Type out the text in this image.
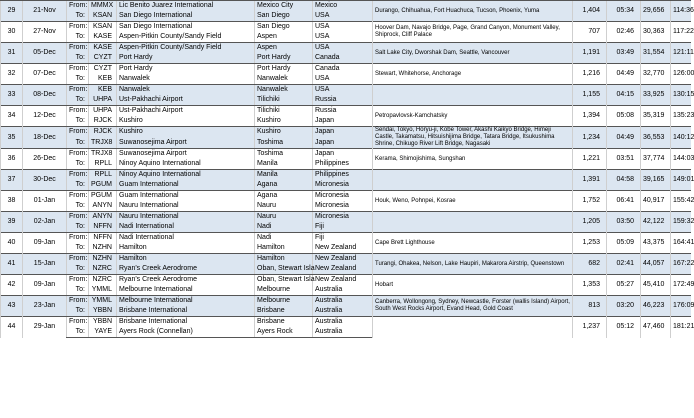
29	21-Nov	From:	MMMX	Lic Benito Juarez International	Mexico City	Mexico	Durango, Chihuahua, Fort Huachuca, Tucson, Phoenix, Yuma	1,404	05:34	29,656	114:36
		To:	KSAN	San Diego International	San Diego	USA					
30	27-Nov	From:	KSAN	San Diego International	San Diego	USA	Hoover Dam, Navajo Bridge, Page, Grand Canyon, Monument Valley, Shiprock, Cliff Palace	707	02:46	30,363	117:22
		To:	KASE	Aspen-Pitkin County/Sandy Field	Aspen	USA					
31	05-Dec	From:	KASE	Aspen-Pitkin County/Sandy Field	Aspen	USA	Salt Lake City, Dworshak Dam, Seattle, Vancouver	1,191	03:49	31,554	121:11
		To:	CYZT	Port Hardy	Port Hardy	Canada					
32	07-Dec	From:	CYZT	Port Hardy	Port Hardy	Canada	Stewart, Whitehorse, Anchorage	1,216	04:49	32,770	126:00
		To:	KEB	Nanwalek	Nanwalek	USA					
33	08-Dec	From:	KEB	Nanwalek	Nanwalek	USA		1,155	04:15	33,925	130:15
		To:	UHPA	Ust-Pakhachi Airport	Tilichiki	Russia					
34	12-Dec	From:	UHPA	Ust-Pakhachi Airport	Tilichiki	Russia	Petropavlovsk-Kamchatsky	1,394	05:08	35,319	135:23
		To:	RJCK	Kushiro	Kushiro	Japan					
35	18-Dec	From:	RJCK	Kushiro	Kushiro	Japan	Sendai, Tokyo, Horyu-ji, Kobe Tower, Akashi Kaikyo Bridge, Himeji Castle, Takamatsu, Hitsuishijima Bridge, Tatara Bridge, Itsukushima Shrine, Chikugo River Lift Bridge, Nagasaki	1,234	04:49	36,553	140:12
		To:	TRJX8	Suwanosejima Airport	Toshima	Japan					
36	26-Dec	From:	TRJX8	Suwanosejima Airport	Toshima	Japan	Kerama, Shimojishima, Sungshan	1,221	03:51	37,774	144:03
		To:	RPLL	Ninoy Aquino International	Manila	Philippines					
37	30-Dec	From:	RPLL	Ninoy Aquino International	Manila	Philippines		1,391	04:58	39,165	149:01
		To:	PGUM	Guam International	Agana	Micronesia					
38	01-Jan	From:	PGUM	Guam International	Agana	Micronesia	Houk, Weno, Pohnpei, Kosrae	1,752	06:41	40,917	155:42
		To:	ANYN	Nauru International	Nauru	Micronesia					
39	02-Jan	From:	ANYN	Nauru International	Nauru	Micronesia		1,205	03:50	42,122	159:32
		To:	NFFN	Nadi International	Nadi	Fiji					
40	09-Jan	From:	NFFN	Nadi International	Nadi	Fiji	Cape Brett Lighthouse	1,253	05:09	43,375	164:41
		To:	NZHN	Hamilton	Hamilton	New Zealand					
41	15-Jan	From:	NZHN	Hamilton	Hamilton	New Zealand	Turangi, Ohakea, Nelson, Lake Haupiri, Makarora Airstrip, Queenstown	682	02:41	44,057	167:22
		To:	NZRC	Ryan's Creek Aerodrome	Oban, Stewart Isla	New Zealand					
42	09-Jan	From:	NZRC	Ryan's Creek Aerodrome	Oban, Stewart Isla	New Zealand	Hobart	1,353	05:27	45,410	172:49
		To:	YMML	Melbourne International	Melbourne	Australia					
43	23-Jan	From:	YMML	Melbourne International	Melbourne	Australia	Canberra, Wollongong, Sydney, Newcastle, Forster (wallis Island) Airport, South West Rocks Airport, Evand Head, Gold Coast	813	03:20	46,223	176:09
		To:	YBBN	Brisbane International	Brisbane	Australia					
44	29-Jan	From:	YBBN	Brisbane International	Brisbane	Australia		1,237	05:12	47,460	181:21
		To:	YAYE	Ayers Rock (Connellan)	Ayers Rock	Australia					
